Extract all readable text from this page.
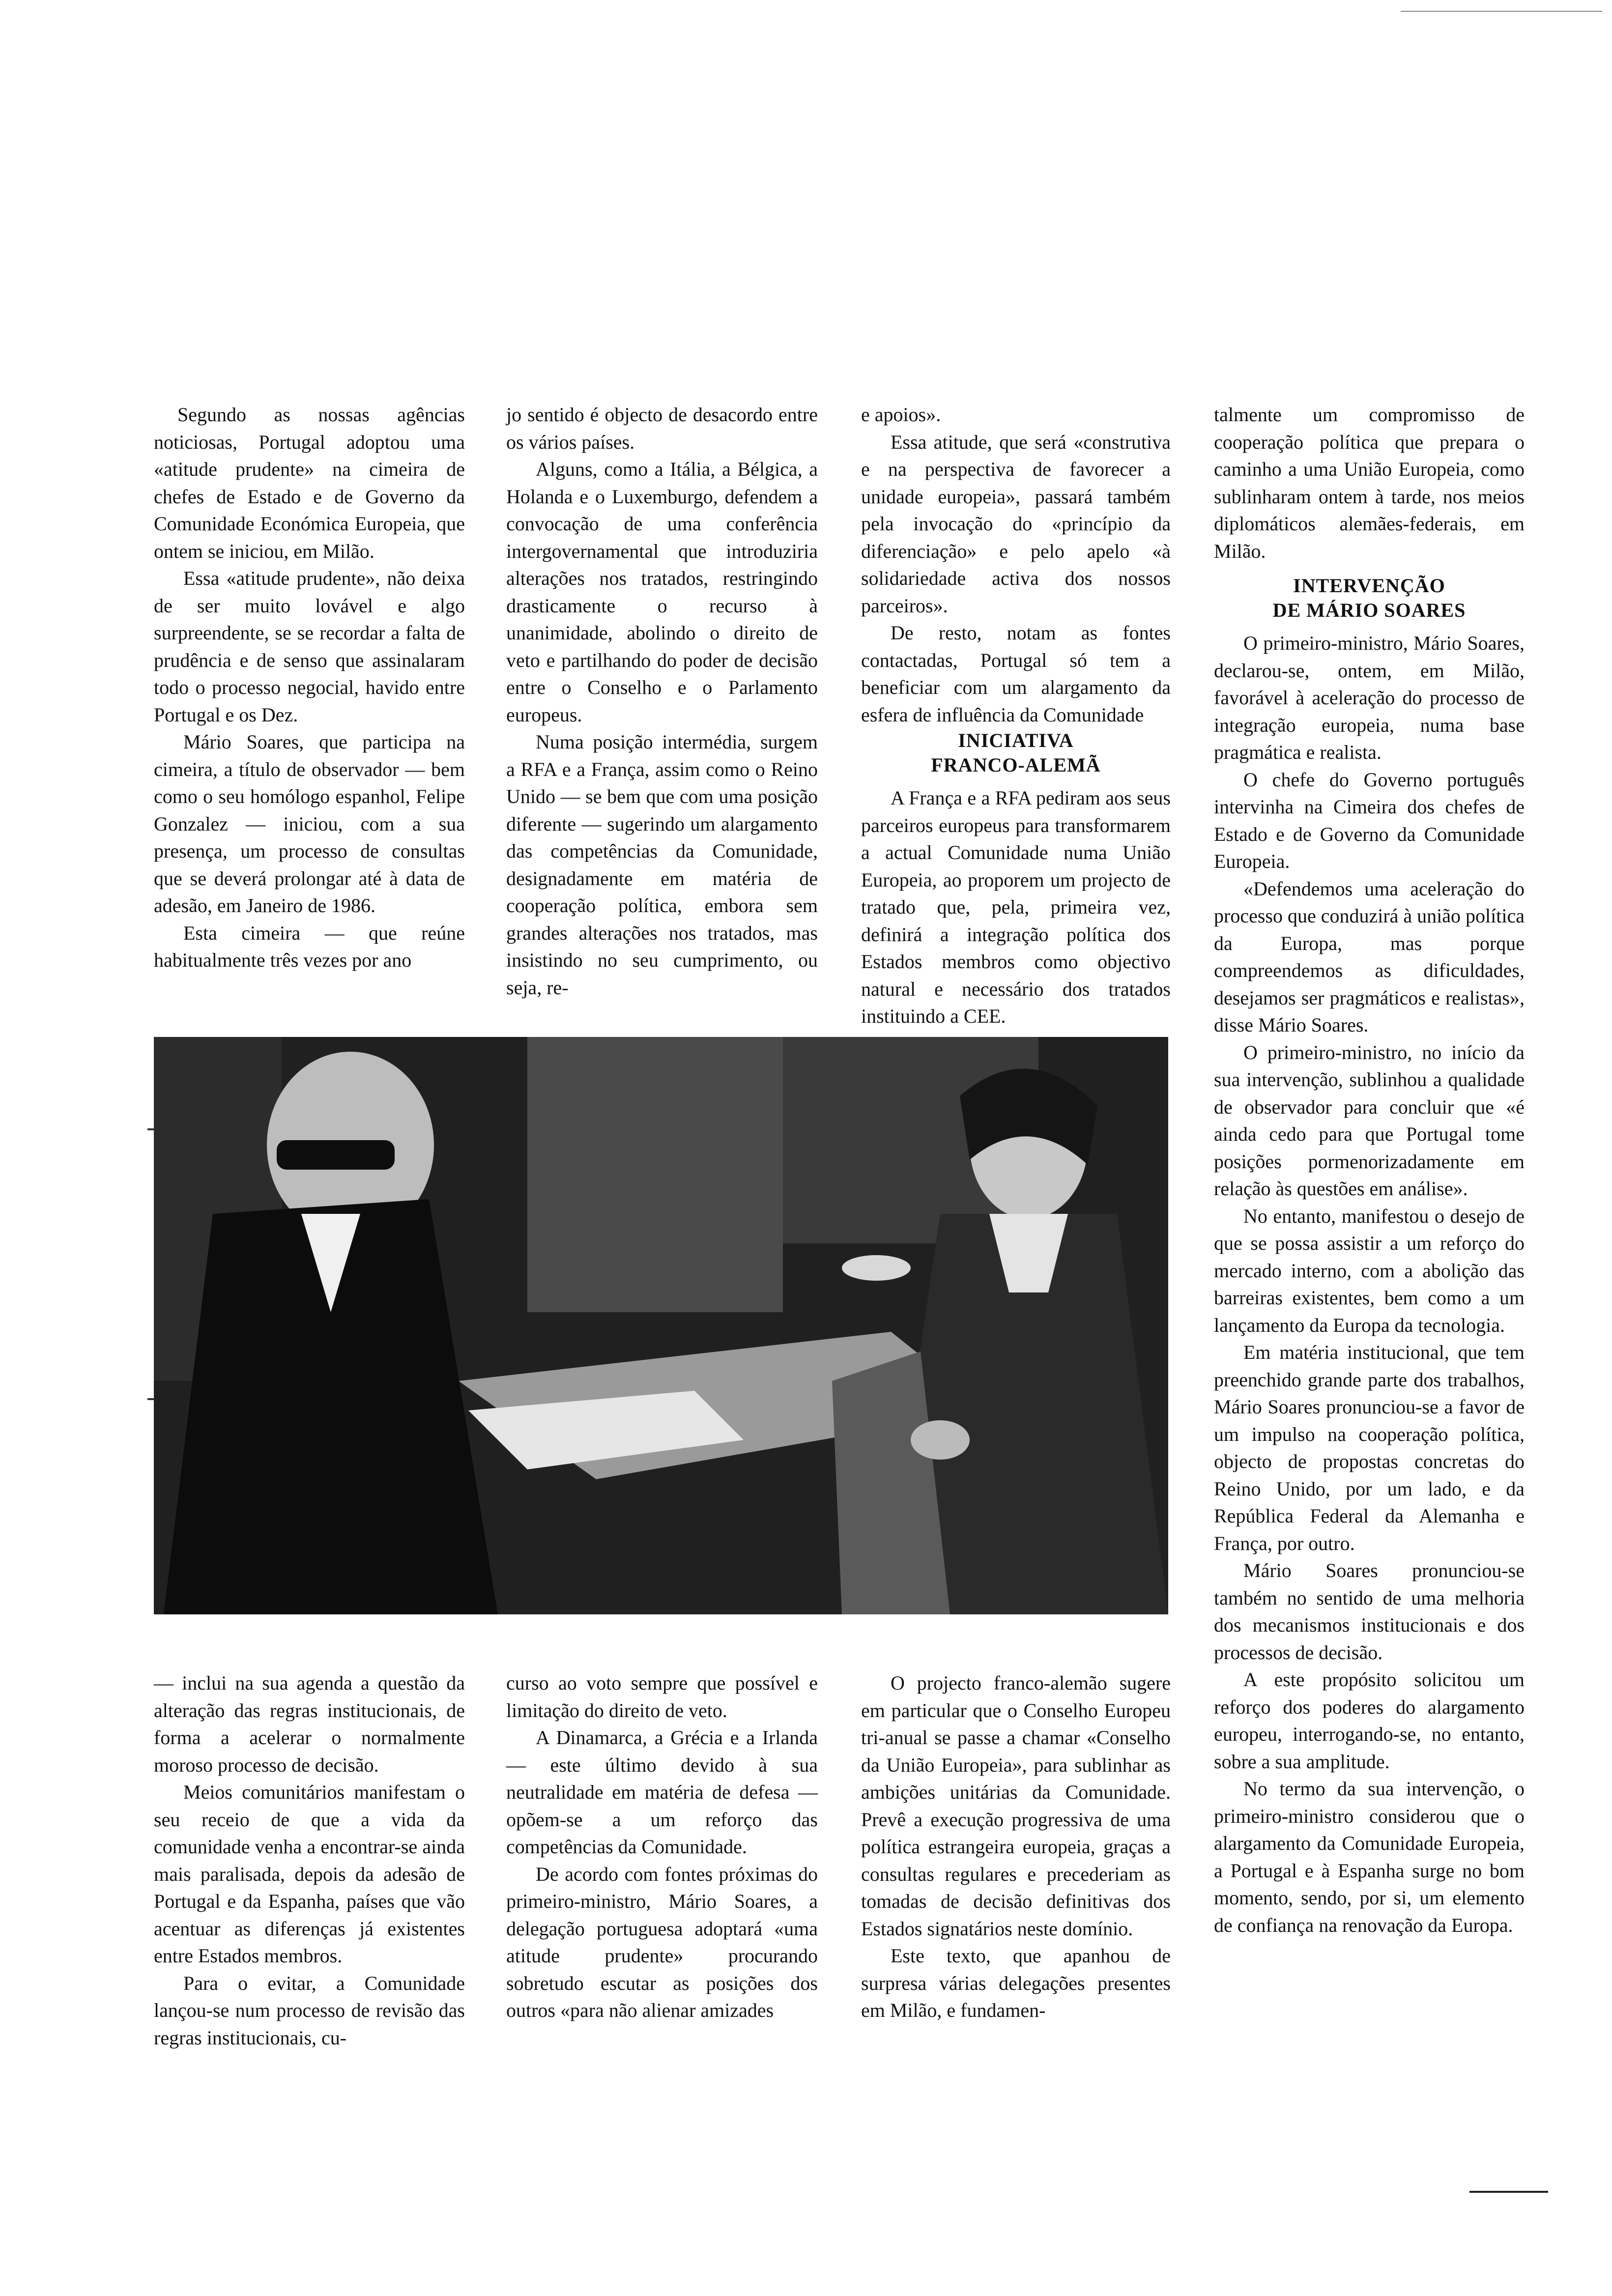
Segundo as nossas agências noticiosas, Portugal adoptou uma «atitude prudente» na cimeira de chefes de Estado e de Governo da Comunidade Económica Europeia, que ontem se iniciou, em Milão.

Essa «atitude prudente», não deixa de ser muito lovável e algo surpreendente, se se recordar a falta de prudência e de senso que assinalaram todo o processo negocial, havido entre Portugal e os Dez.

Mário Soares, que participa na cimeira, a título de observador — bem como o seu homólogo espanhol, Felipe Gonzalez — iniciou, com a sua presença, um processo de consultas que se deverá prolongar até à data de adesão, em Janeiro de 1986.

Esta cimeira — que reúne habitualmente três vezes por ano

jo sentido é objecto de desacordo entre os vários países.

Alguns, como a Itália, a Bélgica, a Holanda e o Luxemburgo, defendem a convocação de uma conferência intergovernamental que introduziria alterações nos tratados, restringindo drasticamente o recurso à unanimidade, abolindo o direito de veto e partilhando do poder de decisão entre o Conselho e o Parlamento europeus.

Numa posição intermédia, surgem a RFA e a França, assim como o Reino Unido — se bem que com uma posição diferente — sugerindo um alargamento das competências da Comunidade, designadamente em matéria de cooperação política, embora sem grandes alterações nos tratados, mas insistindo no seu cumprimento, ou seja, re-

e apoios».

Essa atitude, que será «construtiva e na perspectiva de favorecer a unidade europeia», passará também pela invocação do «princípio da diferenciação» e pelo apelo «à solidariedade activa dos nossos parceiros».

De resto, notam as fontes contactadas, Portugal só tem a beneficiar com um alargamento da esfera de influência da Comunidade

INICIATIVA
FRANCO-ALEMÃ

A França e a RFA pediram aos seus parceiros europeus para transformarem a actual Comunidade numa União Europeia, ao proporem um projecto de tratado que, pela, primeira vez, definirá a integração política dos Estados membros como objectivo natural e necessário dos tratados instituindo a CEE.

— inclui na sua agenda a questão da alteração das regras institucionais, de forma a acelerar o normalmente moroso processo de decisão.

Meios comunitários manifestam o seu receio de que a vida da comunidade venha a encontrar-se ainda mais paralisada, depois da adesão de Portugal e da Espanha, países que vão acentuar as diferenças já existentes entre Estados membros.

Para o evitar, a Comunidade lançou-se num processo de revisão das regras institucionais, cu-

curso ao voto sempre que possível e limitação do direito de veto.

A Dinamarca, a Grécia e a Irlanda — este último devido à sua neutralidade em matéria de defesa — opõem-se a um reforço das competências da Comunidade.

De acordo com fontes próximas do primeiro-ministro, Mário Soares, a delegação portuguesa adoptará «uma atitude prudente» procurando sobretudo escutar as posições dos outros «para não alienar amizades

O projecto franco-alemão sugere em particular que o Conselho Europeu tri-anual se passe a chamar «Conselho da União Europeia», para sublinhar as ambições unitárias da Comunidade. Prevê a execução progressiva de uma política estrangeira europeia, graças a consultas regulares e precederiam as tomadas de decisão definitivas dos Estados signatários neste domínio.

Este texto, que apanhou de surpresa várias delegações presentes em Milão, e fundamen-

talmente um compromisso de cooperação política que prepara o caminho a uma União Europeia, como sublinharam ontem à tarde, nos meios diplomáticos alemães-federais, em Milão.

INTERVENÇÃO
DE MÁRIO SOARES

O primeiro-ministro, Mário Soares, declarou-se, ontem, em Milão, favorável à aceleração do processo de integração europeia, numa base pragmática e realista.

O chefe do Governo português intervinha na Cimeira dos chefes de Estado e de Governo da Comunidade Europeia.

«Defendemos uma aceleração do processo que conduzirá à união política da Europa, mas porque compreendemos as dificuldades, desejamos ser pragmáticos e realistas», disse Mário Soares.

O primeiro-ministro, no início da sua intervenção, sublinhou a qualidade de observador para concluir que «é ainda cedo para que Portugal tome posições pormenorizadamente em relação às questões em análise».

No entanto, manifestou o desejo de que se possa assistir a um reforço do mercado interno, com a abolição das barreiras existentes, bem como a um lançamento da Europa da tecnologia.

Em matéria institucional, que tem preenchido grande parte dos trabalhos, Mário Soares pronunciou-se a favor de um impulso na cooperação política, objecto de propostas concretas do Reino Unido, por um lado, e da República Federal da Alemanha e França, por outro.

Mário Soares pronunciou-se também no sentido de uma melhoria dos mecanismos institucionais e dos processos de decisão.

A este propósito solicitou um reforço dos poderes do alargamento europeu, interrogando-se, no entanto, sobre a sua amplitude.

No termo da sua intervenção, o primeiro-ministro considerou que o alargamento da Comunidade Europeia, a Portugal e à Espanha surge no bom momento, sendo, por si, um elemento de confiança na renovação da Europa.
